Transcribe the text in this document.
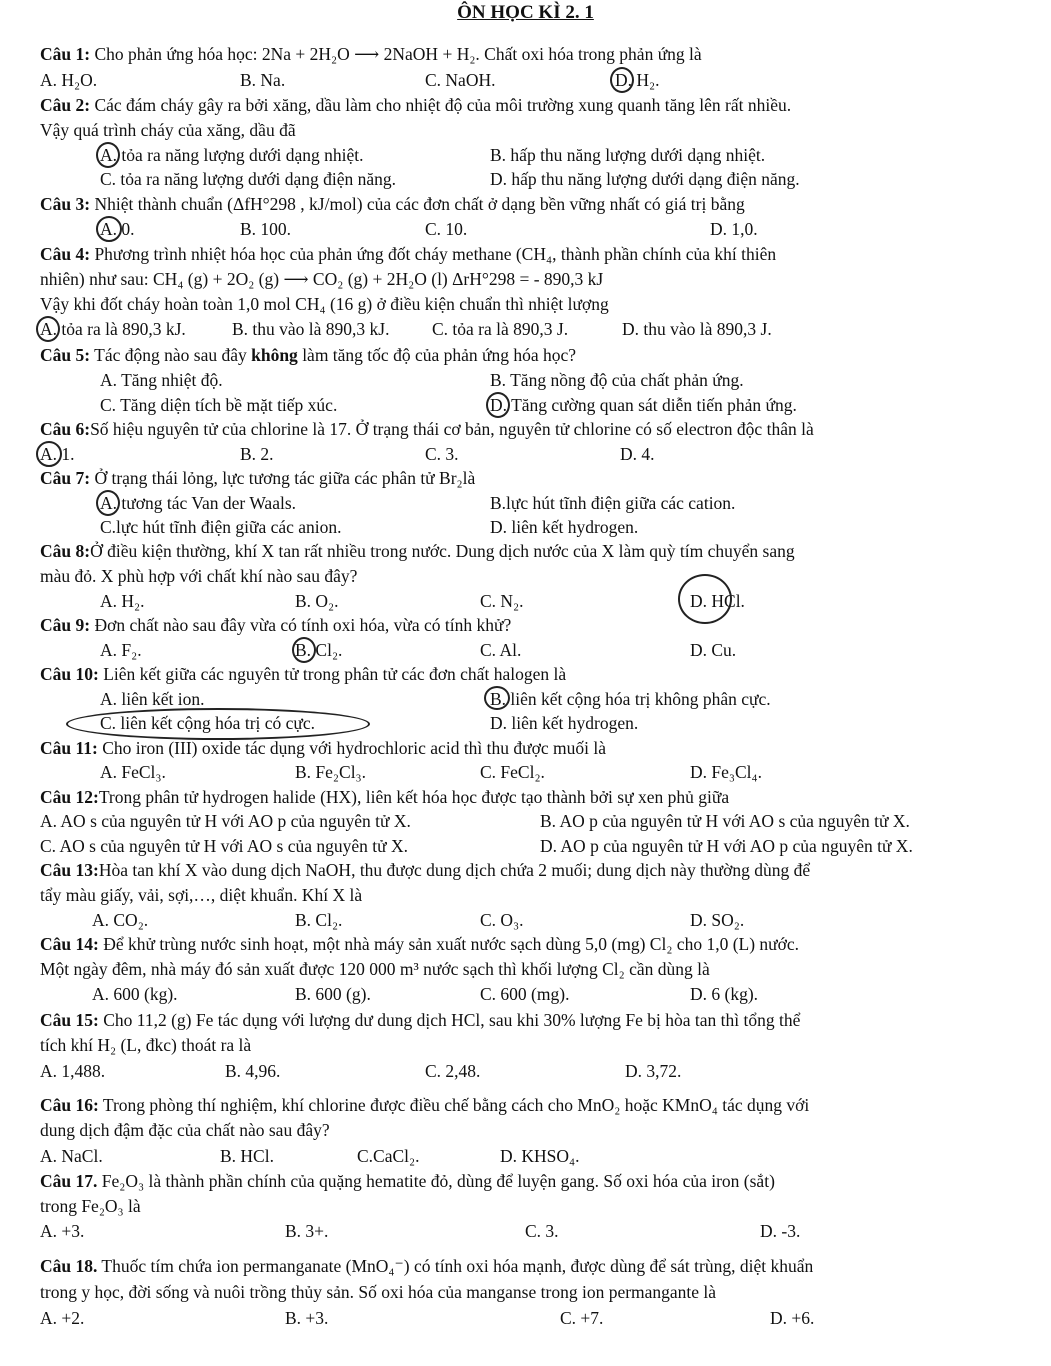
ÔN HỌC KÌ 2. 1
Câu 1: Cho phản ứng hóa học: 2Na + 2H₂O ⟶ 2NaOH + H₂. Chất oxi hóa trong phản ứng là
A. H₂O.	B. Na.	C. NaOH.	D. H₂.
Câu 2: Các đám cháy gây ra bởi xăng, dầu làm cho nhiệt độ của môi trường xung quanh tăng lên rất nhiều.
Vậy quá trình cháy của xăng, dầu đã
A. tỏa ra năng lượng dưới dạng nhiệt.	B. hấp thu năng lượng dưới dạng nhiệt.
C. tỏa ra năng lượng dưới dạng điện năng.	D. hấp thu năng lượng dưới dạng điện năng.
Câu 3: Nhiệt thành chuẩn (ΔfH°298 , kJ/mol) của các đơn chất ở dạng bền vững nhất có giá trị bằng
A. 0.	B. 100.	C. 10.	D. 1,0.
Câu 4: Phương trình nhiệt hóa học của phản ứng đốt cháy methane (CH₄, thành phần chính của khí thiên
nhiên) như sau: CH₄ (g) + 2O₂ (g) ⟶ CO₂ (g) + 2H₂O (l) ΔrH°298 = - 890,3 kJ
Vậy khi đốt cháy hoàn toàn 1,0 mol CH₄ (16 g) ở điều kiện chuẩn thì nhiệt lượng
A. tỏa ra là 890,3 kJ.	B. thu vào là 890,3 kJ. C. tỏa ra là 890,3 J.	D. thu vào là 890,3 J.
Câu 5: Tác động nào sau đây không làm tăng tốc độ của phản ứng hóa học?
A. Tăng nhiệt độ.	B. Tăng nồng độ của chất phản ứng.
C. Tăng diện tích bề mặt tiếp xúc.	D. Tăng cường quan sát diễn tiến phản ứng.
Câu 6:Số hiệu nguyên tử của chlorine là 17. Ở trạng thái cơ bản, nguyên tử chlorine có số electron độc thân là
A. 1.	B. 2.	C. 3.	D. 4.
Câu 7: Ở trạng thái lỏng, lực tương tác giữa các phân tử Br₂là
A. tương tác Van der Waals.	B.lực hút tĩnh điện giữa các cation.
C.lực hút tĩnh điện giữa các anion.	D. liên kết hydrogen.
Câu 8:Ở điều kiện thường, khí X tan rất nhiều trong nước. Dung dịch nước của X làm quỳ tím chuyển sang
màu đỏ. X phù hợp với chất khí nào sau đây?
A. H₂.	B. O₂.	C. N₂.	D. HCl.
Câu 9: Đơn chất nào sau đây vừa có tính oxi hóa, vừa có tính khử?
A. F₂.	B. Cl₂.	C. Al.	D. Cu.
Câu 10: Liên kết giữa các nguyên tử trong phân tử các đơn chất halogen là
A. liên kết ion.	B. liên kết cộng hóa trị không phân cực.
C. liên kết cộng hóa trị có cực.	D. liên kết hydrogen.
Câu 11: Cho iron (III) oxide tác dụng với hydrochloric acid thì thu được muối là
A. FeCl₃.	B. Fe₂Cl₃.	C. FeCl₂.	D. Fe₃Cl₄.
Câu 12:Trong phân tử hydrogen halide (HX), liên kết hóa học được tạo thành bởi sự xen phủ giữa
A. AO s của nguyên tử H với AO p của nguyên tử X.	B. AO p của nguyên tử H với AO s của nguyên tử X.
C. AO s của nguyên tử H với AO s của nguyên tử X.	D. AO p của nguyên tử H với AO p của nguyên tử X.
Câu 13:Hòa tan khí X vào dung dịch NaOH, thu được dung dịch chứa 2 muối; dung dịch này thường dùng để
tẩy màu giấy, vải, sợi,…, diệt khuẩn. Khí X là
A. CO₂.	B. Cl₂.	C. O₃.	D. SO₂.
Câu 14: Để khử trùng nước sinh hoạt, một nhà máy sản xuất nước sạch dùng 5,0 (mg) Cl₂ cho 1,0 (L) nước.
Một ngày đêm, nhà máy đó sản xuất được 120 000 m³ nước sạch thì khối lượng Cl₂ cần dùng là
A. 600 (kg).	B. 600 (g).	C. 600 (mg).	D. 6 (kg).
Câu 15: Cho 11,2 (g) Fe tác dụng với lượng dư dung dịch HCl, sau khi 30% lượng Fe bị hòa tan thì tổng thể
tích khí H₂ (L, đkc) thoát ra là
A. 1,488.	B. 4,96.	C. 2,48.	D. 3,72.
Câu 16: Trong phòng thí nghiệm, khí chlorine được điều chế bằng cách cho MnO₂ hoặc KMnO₄ tác dụng với
dung dịch đậm đặc của chất nào sau đây?
A. NaCl.	B. HCl.	C.CaCl₂.	D. KHSO₄.
Câu 17. Fe₂O₃ là thành phần chính của quặng hematite đỏ, dùng để luyện gang. Số oxi hóa của iron (sắt)
trong Fe₂O₃ là
A. +3.	B. 3+.	C. 3.	D. -3.
Câu 18. Thuốc tím chứa ion permanganate (MnO₄⁻) có tính oxi hóa mạnh, được dùng để sát trùng, diệt khuẩn
trong y học, đời sống và nuôi trồng thủy sản. Số oxi hóa của manganse trong ion permangante là
A. +2.	B. +3.	C. +7.	D. +6.
